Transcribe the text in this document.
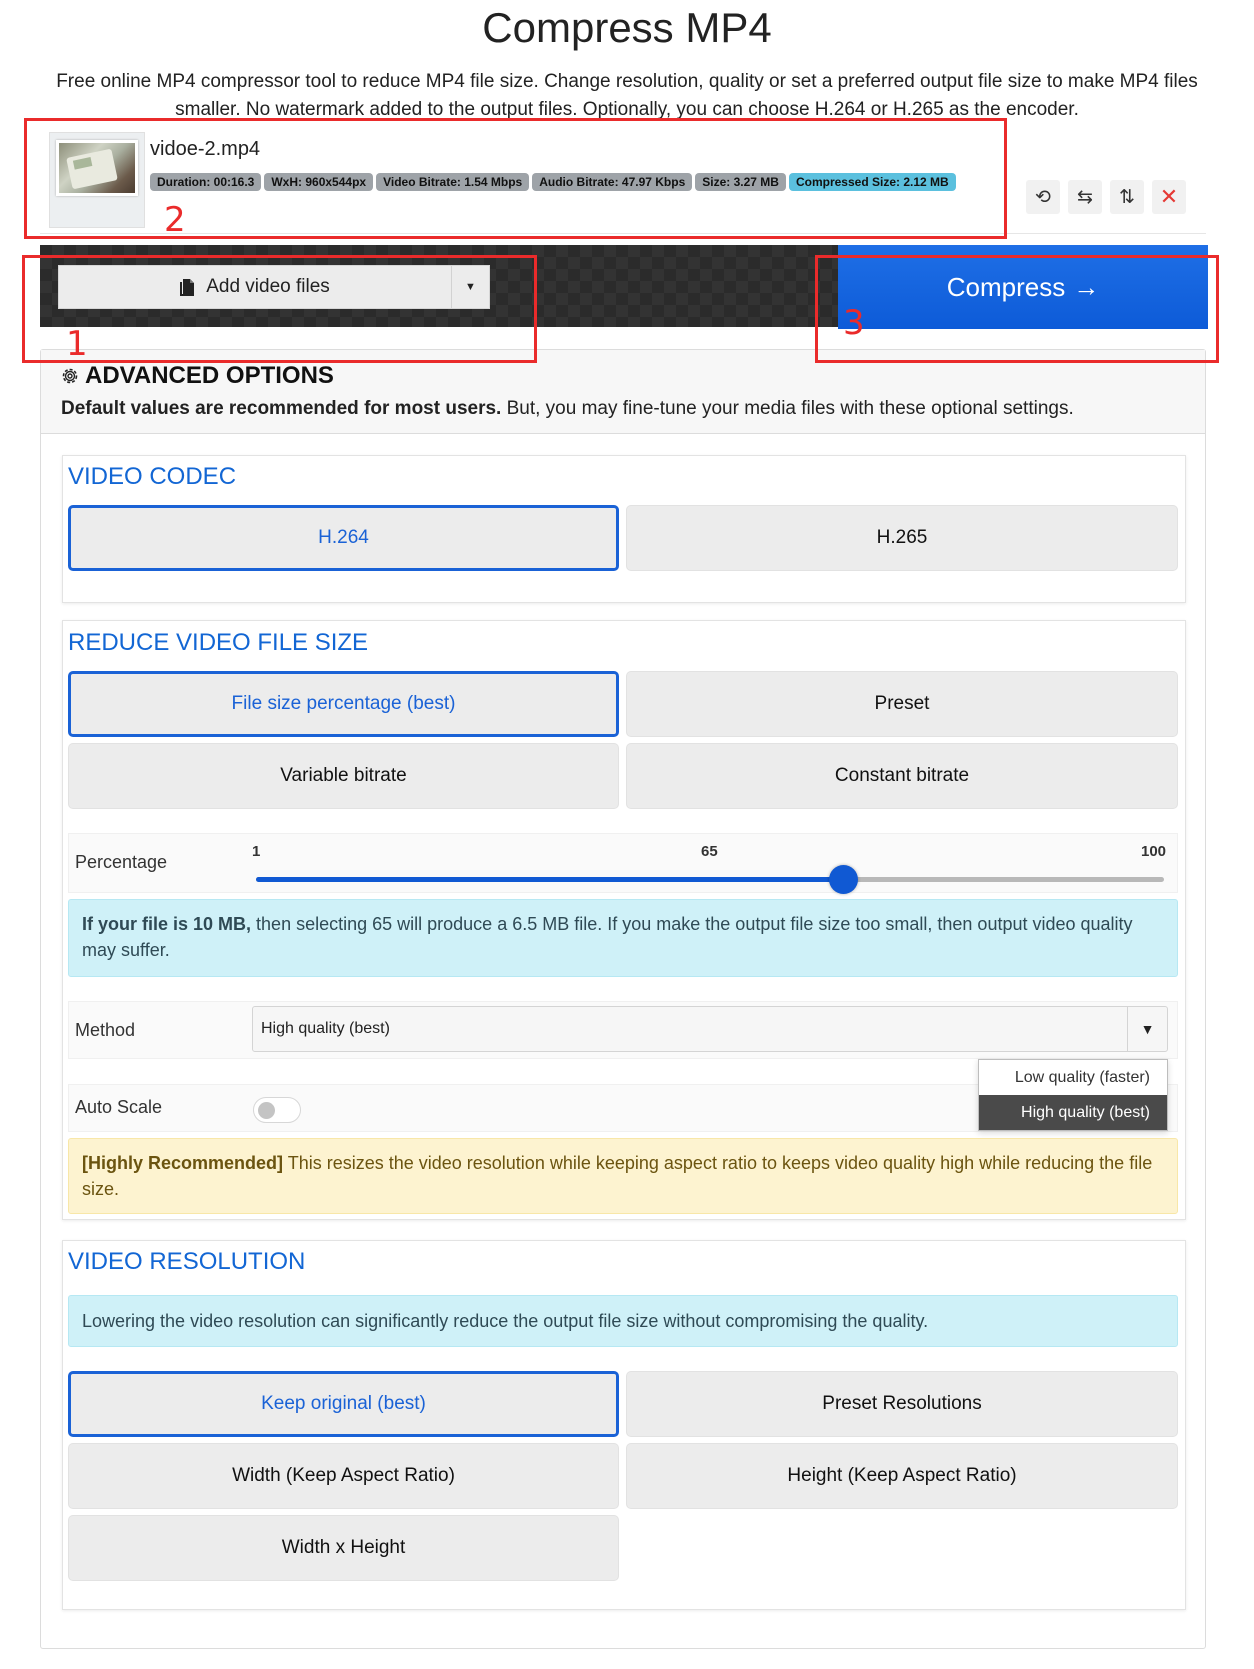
Compress MP4
Free online MP4 compressor tool to reduce MP4 file size. Change resolution, quality or set a preferred output file size to make MP4 files smaller. No watermark added to the output files. Optionally, you can choose H.264 or H.265 as the encoder.
vidoe-2.mp4
Duration: 00:16.3	WxH: 960x544px	Video Bitrate: 1.54 Mbps	Audio Bitrate: 47.97 Kbps	Size: 3.27 MB	Compressed Size: 2.12 MB
⟲ ⇆ ⇅ ✕
Add video files	▼	Compress →
ADVANCED OPTIONS
Default values are recommended for most users. But, you may fine-tune your media files with these optional settings.
VIDEO CODEC
H.264	H.265
REDUCE VIDEO FILE SIZE
File size percentage (best)	Preset
Variable bitrate	Constant bitrate
Percentage
1	65	100
If your file is 10 MB, then selecting 65 will produce a 6.5 MB file. If you make the output file size too small, then output video quality may suffer.
Method	High quality (best)	▼
Auto Scale
[Highly Recommended] This resizes the video resolution while keeping aspect ratio to keeps video quality high while reducing the file size.
Low quality (faster)
High quality (best)
VIDEO RESOLUTION
Lowering the video resolution can significantly reduce the output file size without compromising the quality.
Keep original (best)	Preset Resolutions
Width (Keep Aspect Ratio)	Height (Keep Aspect Ratio)
Width x Height
2
1
3
